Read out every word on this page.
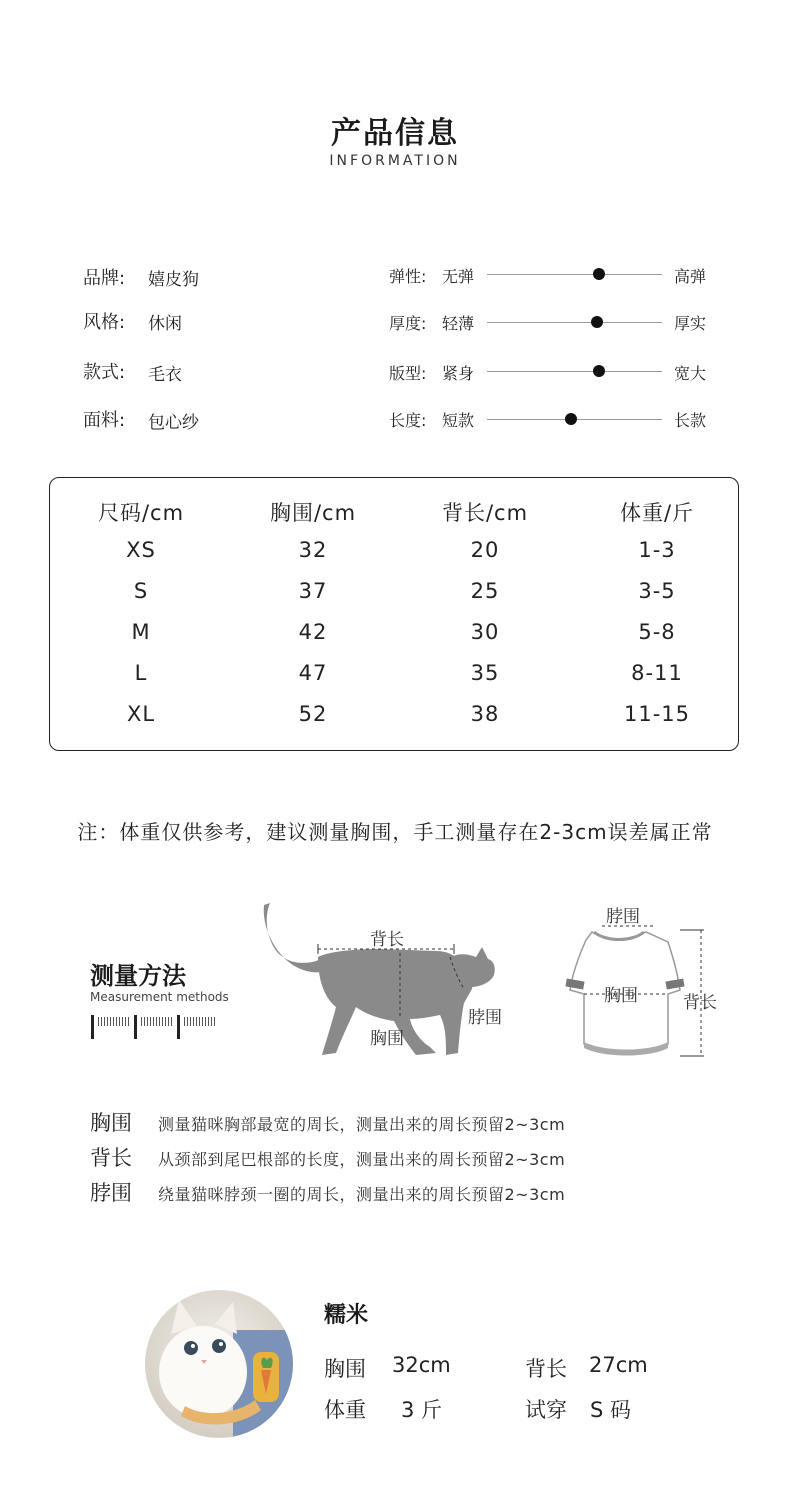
产品信息
INFORMATION
品牌: 嬉皮狗
风格: 休闲
款式: 毛衣
面料: 包心纱
弹性: 无弹	高弹
厚度: 轻薄	厚实
版型: 紧身	宽大
长度: 短款	长款
尺码/cm	胸围/cm	背长/cm	体重/斤
XS	32	20	1-3
S	37	25	3-5
M	42	30	5-8
L	47	35	8-11
XL	52	38	11-15
注：体重仅供参考，建议测量胸围，手工测量存在2-3cm误差属正常
测量方法
Measurement methods
背长
胸围
脖围
脖围
胸围	背长
胸围 测量猫咪胸部最宽的周长，测量出来的周长预留2~3cm
背长 从颈部到尾巴根部的长度，测量出来的周长预留2~3cm
脖围 绕量猫咪脖颈一圈的周长，测量出来的周长预留2~3cm
糯米
胸围 32cm	背长 27cm
体重 3 斤	试穿 S 码
